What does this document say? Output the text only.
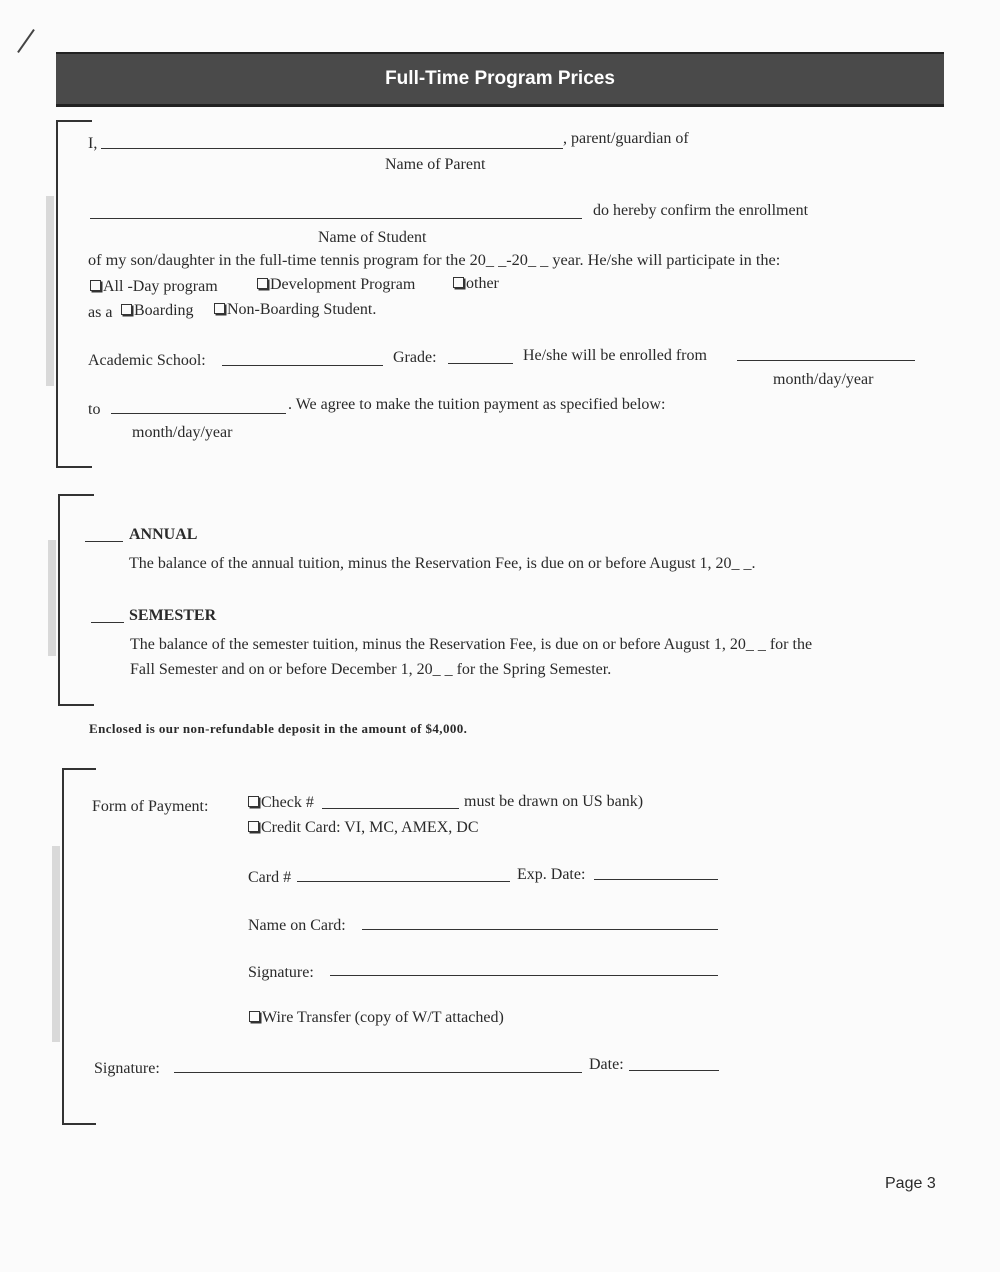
Full-Time Program Prices
I,	, parent/guardian of
Name of Parent
do hereby confirm the enrollment
Name of Student
of my son/daughter in the full-time tennis program for the 20_ _-20_ _ year. He/she will participate in the:
All -Day program	Development Program	other
as a	Boarding	Non-Boarding Student.
Academic School:	Grade:	He/she will be enrolled from
month/day/year
to	. We agree to make the tuition payment as specified below:
month/day/year
ANNUAL
The balance of the annual tuition, minus the Reservation Fee, is due on or before August 1, 20_ _.
SEMESTER
The balance of the semester tuition, minus the Reservation Fee, is due on or before August 1, 20_ _ for the
Fall Semester and on or before December 1, 20_ _ for the Spring Semester.
Enclosed is our non-refundable deposit in the amount of $4,000.
Form of Payment:	Check #	must be drawn on US bank)
Credit Card: VI, MC, AMEX, DC
Card #	Exp. Date:
Name on Card:
Signature:
Wire Transfer (copy of W/T attached)
Signature:	Date:
Page 3
